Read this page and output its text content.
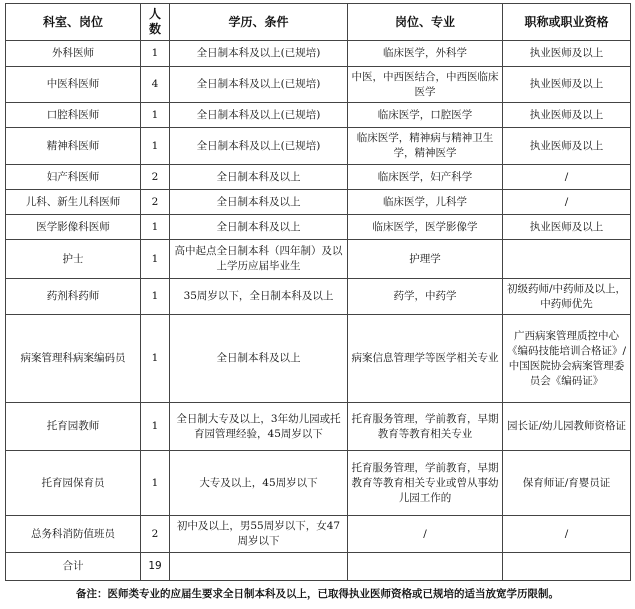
科室、岗位	人数	学历、条件	岗位、专业	职称或职业资格
外科医师	1	全日制本科及以上(已规培)	临床医学，外科学	执业医师及以上
中医科医师	4	全日制本科及以上(已规培)	中医，中西医结合，中西医临床医学	执业医师及以上
口腔科医师	1	全日制本科及以上(已规培)	临床医学，口腔医学	执业医师及以上
精神科医师	1	全日制本科及以上(已规培)	临床医学，精神病与精神卫生学，精神医学	执业医师及以上
妇产科医师	2	全日制本科及以上	临床医学，妇产科学	/
儿科、新生儿科医师	2	全日制本科及以上	临床医学，儿科学	/
医学影像科医师	1	全日制本科及以上	临床医学，医学影像学	执业医师及以上
护士	1	高中起点全日制本科（四年制）及以上学历应届毕业生	护理学	
药剂科药师	1	35周岁以下，全日制本科及以上	药学，中药学	初级药师/中药师及以上，中药师优先
病案管理科病案编码员	1	全日制本科及以上	病案信息管理学等医学相关专业	广西病案管理质控中心《编码技能培训合格证》/中国医院协会病案管理委员会《编码证》
托育园教师	1	全日制大专及以上，3年幼儿园或托育园管理经验，45周岁以下	托育服务管理，学前教育，早期教育等教育相关专业	园长证/幼儿园教师资格证
托育园保育员	1	大专及以上，45周岁以下	托育服务管理，学前教育，早期教育等教育相关专业或曾从事幼儿园工作的	保育师证/育婴员证
总务科消防值班员	2	初中及以上，男55周岁以下，女47周岁以下	/	/
合计	19			
备注：医师类专业的应届生要求全日制本科及以上，已取得执业医师资格或已规培的适当放宽学历限制。
